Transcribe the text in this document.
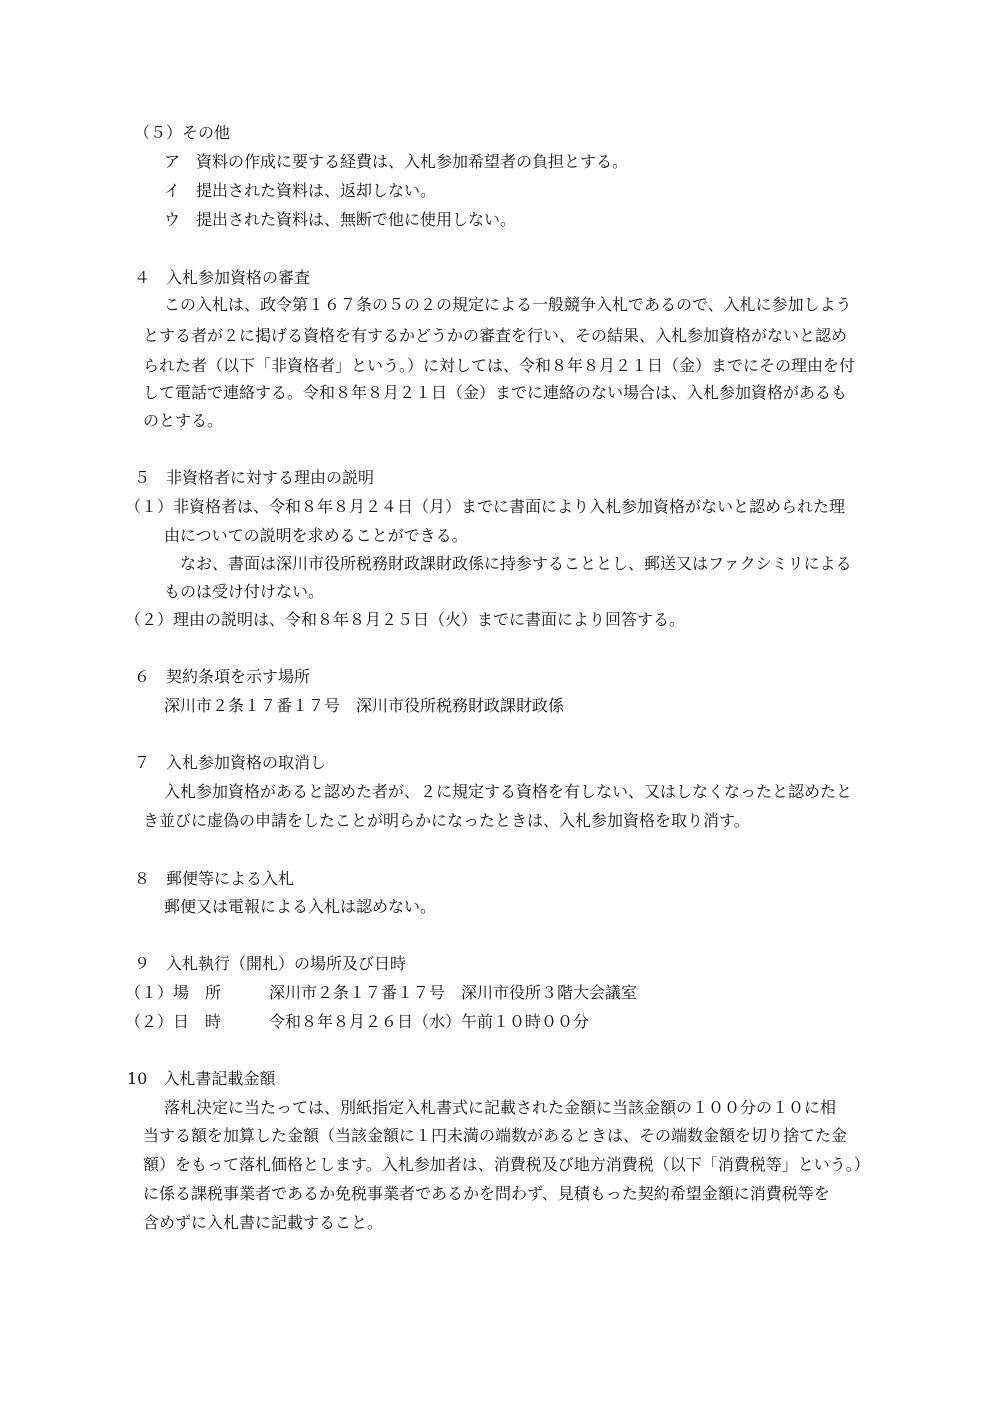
（５）その他
ア　資料の作成に要する経費は、入札参加希望者の負担とする。
イ　提出された資料は、返却しない。
ウ　提出された資料は、無断で他に使用しない。
４　入札参加資格の審査
この入札は、政令第１６７条の５の２の規定による一般競争入札であるので、入札に参加しよう
とする者が２に掲げる資格を有するかどうかの審査を行い、その結果、入札参加資格がないと認め
られた者（以下「非資格者」という。）に対しては、令和８年８月２１日（金）までにその理由を付
して電話で連絡する。令和８年８月２１日（金）までに連絡のない場合は、入札参加資格があるも
のとする。
５　非資格者に対する理由の説明
（１）非資格者は、令和８年８月２４日（月）までに書面により入札参加資格がないと認められた理
由についての説明を求めることができる。
なお、書面は深川市役所税務財政課財政係に持参することとし、郵送又はファクシミリによる
ものは受け付けない。
（２）理由の説明は、令和８年８月２５日（火）までに書面により回答する。
６　契約条項を示す場所
深川市２条１７番１７号　深川市役所税務財政課財政係
７　入札参加資格の取消し
入札参加資格があると認めた者が、２に規定する資格を有しない、又はしなくなったと認めたと
き並びに虚偽の申請をしたことが明らかになったときは、入札参加資格を取り消す。
８　郵便等による入札
郵便又は電報による入札は認めない。
９　入札執行（開札）の場所及び日時
（１）場　所	深川市２条１７番１７号　深川市役所３階大会議室
（２）日　時	令和８年８月２６日（水）午前１０時００分
10　入札書記載金額
落札決定に当たっては、別紙指定入札書式に記載された金額に当該金額の１００分の１０に相
当する額を加算した金額（当該金額に１円未満の端数があるときは、その端数金額を切り捨てた金
額）をもって落札価格とします。入札参加者は、消費税及び地方消費税（以下「消費税等」という。）
に係る課税事業者であるか免税事業者であるかを問わず、見積もった契約希望金額に消費税等を
含めずに入札書に記載すること。
